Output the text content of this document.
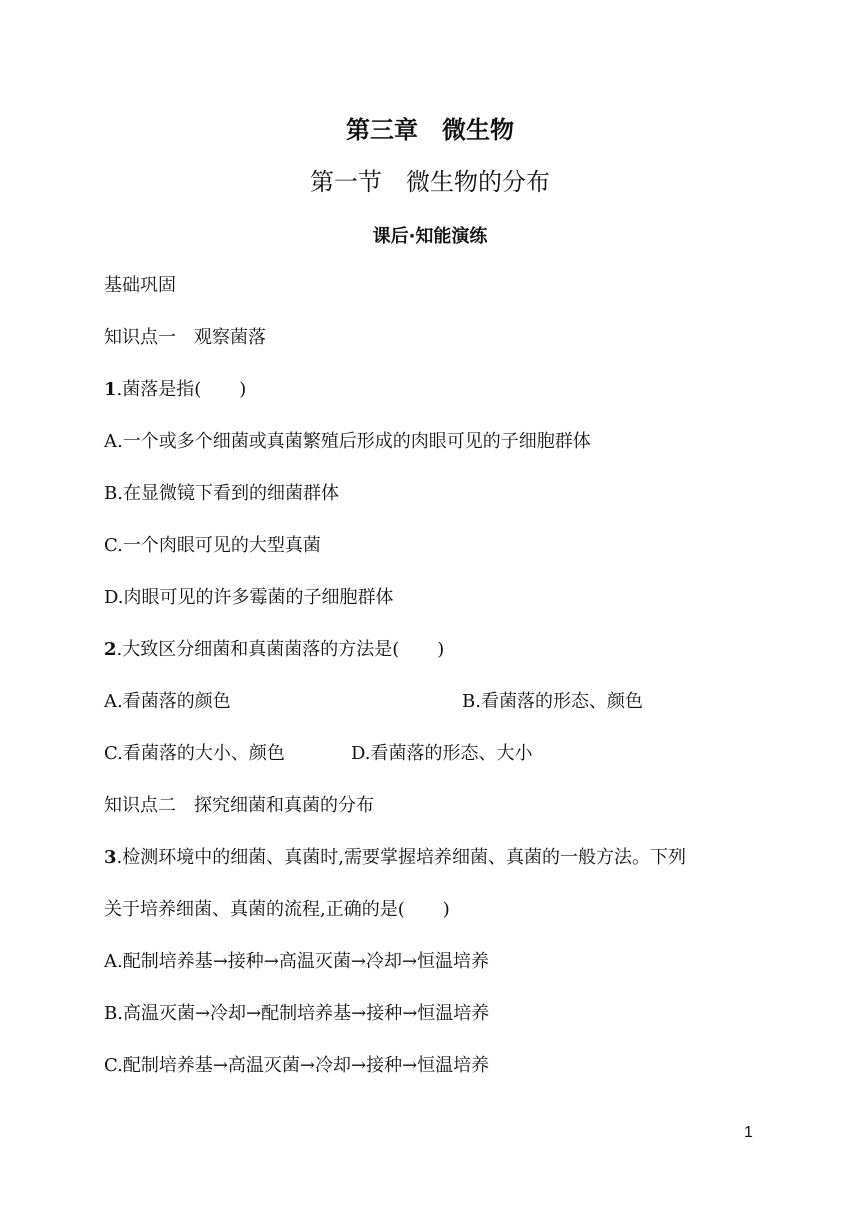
第三章　微生物
第一节　微生物的分布
课后·知能演练
基础巩固
知识点一　观察菌落
1.菌落是指( )
A.一个或多个细菌或真菌繁殖后形成的肉眼可见的子细胞群体
B.在显微镜下看到的细菌群体
C.一个肉眼可见的大型真菌
D.肉眼可见的许多霉菌的子细胞群体
2.大致区分细菌和真菌菌落的方法是( )
A.看菌落的颜色	B.看菌落的形态、颜色
C.看菌落的大小、颜色	D.看菌落的形态、大小
知识点二　探究细菌和真菌的分布
3.检测环境中的细菌、真菌时,需要掌握培养细菌、真菌的一般方法。下列
关于培养细菌、真菌的流程,正确的是( )
A.配制培养基→接种→高温灭菌→冷却→恒温培养
B.高温灭菌→冷却→配制培养基→接种→恒温培养
C.配制培养基→高温灭菌→冷却→接种→恒温培养
1
